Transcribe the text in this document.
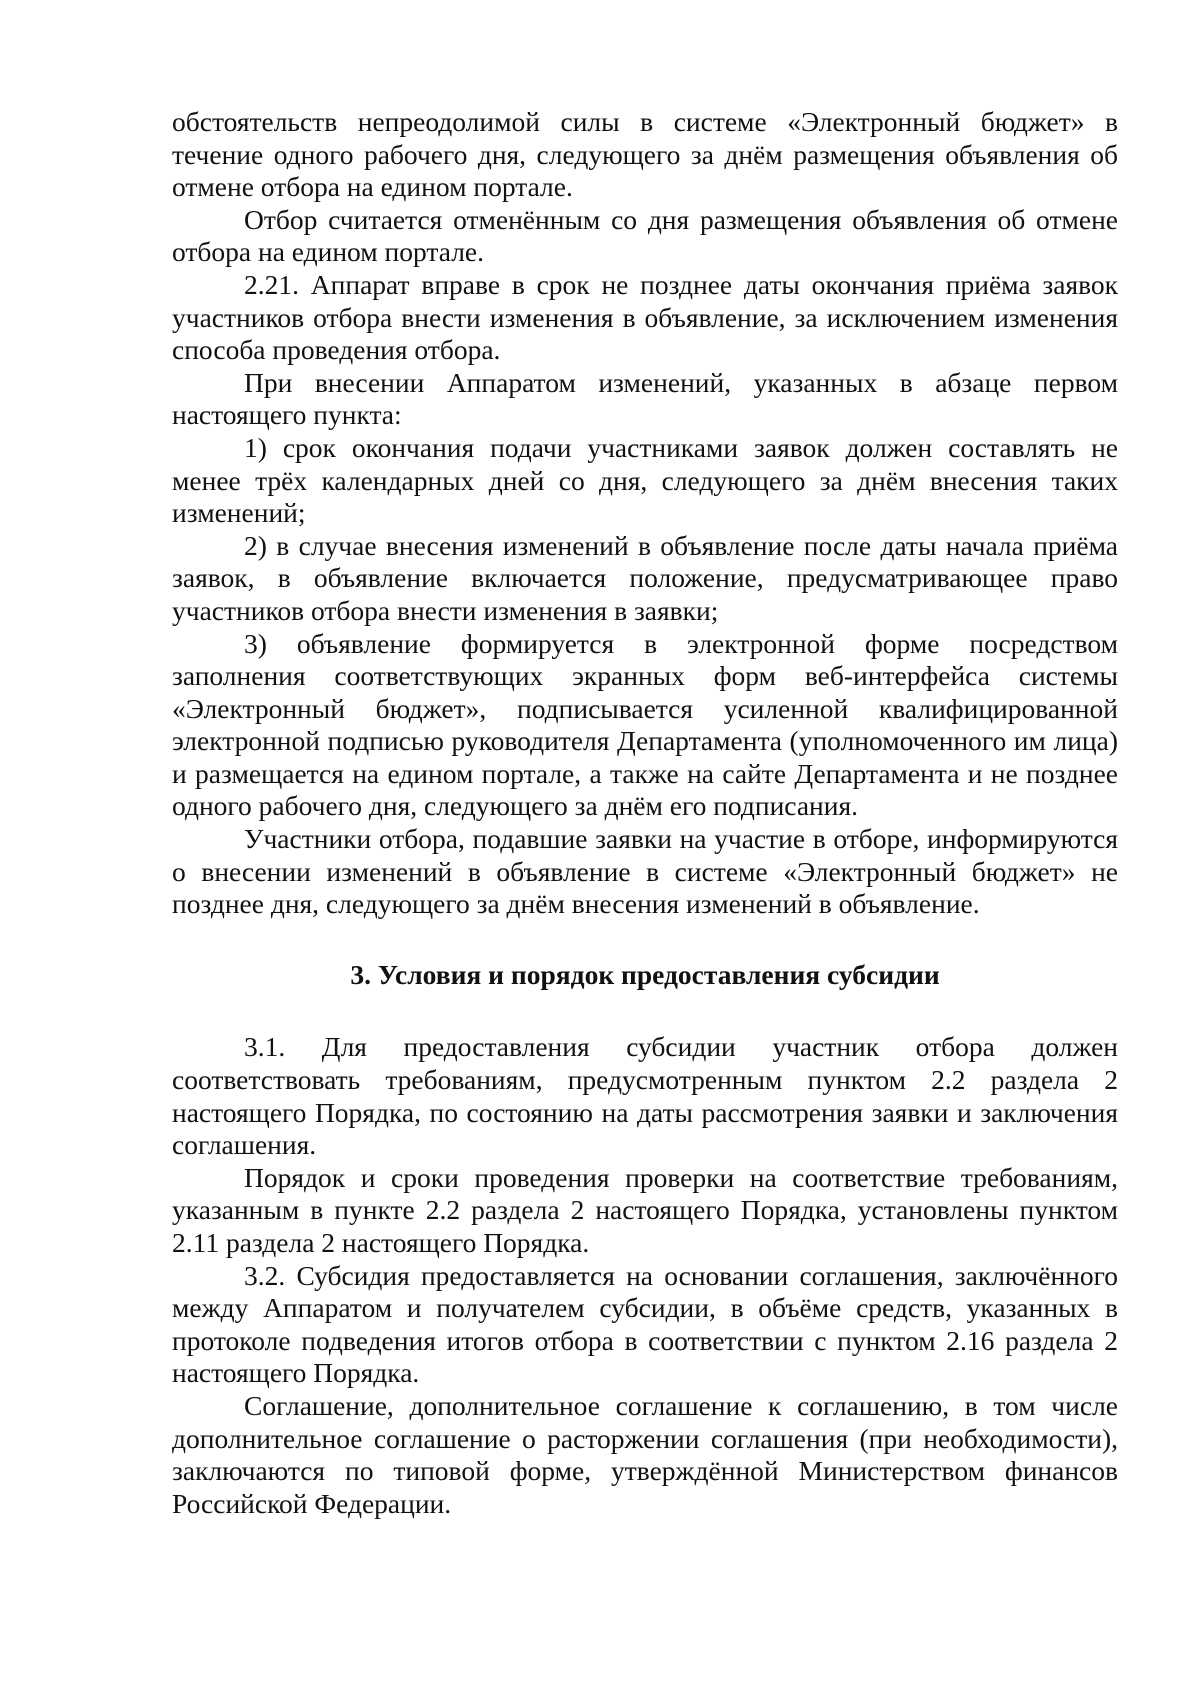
обстоятельств непреодолимой силы в системе «Электронный бюджет» в течение одного рабочего дня, следующего за днём размещения объявления об отмене отбора на едином портале.

Отбор считается отменённым со дня размещения объявления об отмене отбора на едином портале.

2.21. Аппарат вправе в срок не позднее даты окончания приёма заявок участников отбора внести изменения в объявление, за исключением изменения способа проведения отбора.

При внесении Аппаратом изменений, указанных в абзаце первом настоящего пункта:

1) срок окончания подачи участниками заявок должен составлять не менее трёх календарных дней со дня, следующего за днём внесения таких изменений;

2) в случае внесения изменений в объявление после даты начала приёма заявок, в объявление включается положение, предусматривающее право участников отбора внести изменения в заявки;

3) объявление формируется в электронной форме посредством заполнения соответствующих экранных форм веб-интерфейса системы «Электронный бюджет», подписывается усиленной квалифицированной электронной подписью руководителя Департамента (уполномоченного им лица) и размещается на едином портале, а также на сайте Департамента и не позднее одного рабочего дня, следующего за днём его подписания.

Участники отбора, подавшие заявки на участие в отборе, информируются о внесении изменений в объявление в системе «Электронный бюджет» не позднее дня, следующего за днём внесения изменений в объявление.

3. Условия и порядок предоставления субсидии

3.1. Для предоставления субсидии участник отбора должен соответствовать требованиям, предусмотренным пунктом 2.2 раздела 2 настоящего Порядка, по состоянию на даты рассмотрения заявки и заключения соглашения.

Порядок и сроки проведения проверки на соответствие требованиям, указанным в пункте 2.2 раздела 2 настоящего Порядка, установлены пунктом 2.11 раздела 2 настоящего Порядка.

3.2. Субсидия предоставляется на основании соглашения, заключённого между Аппаратом и получателем субсидии, в объёме средств, указанных в протоколе подведения итогов отбора в соответствии с пунктом 2.16 раздела 2 настоящего Порядка.

Соглашение, дополнительное соглашение к соглашению, в том числе дополнительное соглашение о расторжении соглашения (при необходимости), заключаются по типовой форме, утверждённой Министерством финансов Российской Федерации.
